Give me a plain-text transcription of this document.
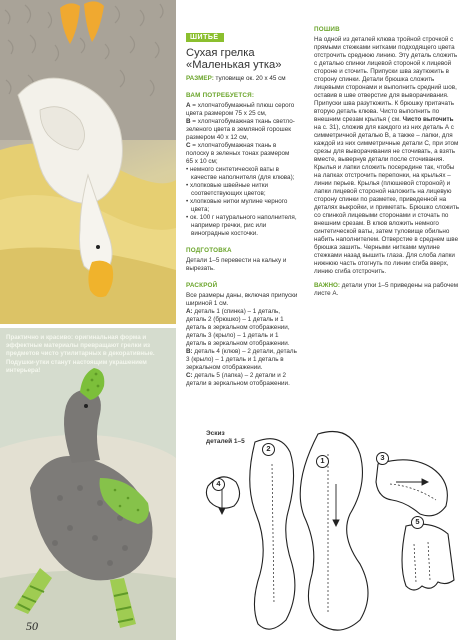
Практично и красиво: оригинальная форма и эффектные материалы превращают грелки из предметов чисто утилитарных в декоративные. Подушки-утки станут настоящим украшением интерьера!
50
ШИТЬЁ
Сухая грелка
«Маленькая утка»
РАЗМЕР: туловище ок. 20 х 45 см
ВАМ ПОТРЕБУЕТСЯ:
A = хлопчатобумажный плюш серого цвета размером 75 х 25 см,
B = хлопчатобумажная ткань светло-зеленого цвета в земляной горошек размером 40 х 12 см,
C = хлопчатобумажная ткань в полоску в зеленых тонах размером 65 х 10 см;
• немного синтетической ваты в качестве наполнителя (для клюва);
• хлопковые швейные нитки соответствующих цветов;
• хлопковые нитки мулине черного цвета;
• ок. 100 г натурального наполнителя, например гречки, рис или виноградные косточки.
ПОДГОТОВКА
Детали 1–5 перевести на кальку и вырезать.
РАСКРОЙ
Все размеры даны, включая припуски шириной 1 см.
A: деталь 1 (спинка) – 1 деталь, деталь 2 (брюшко) – 1 деталь и 1 деталь в зеркальном отображении, деталь 3 (крыло) – 1 деталь и 1 деталь в зеркальном отображении.
B: деталь 4 (клюв) – 2 детали, деталь 3 (крыло) – 1 деталь и 1 деталь в зеркальном отображении.
C: деталь 5 (лапка) – 2 детали и 2 детали в зеркальном отображении.
ПОШИВ
На одной из деталей клюва тройной строчкой с прямыми стежками нитками подходящего цвета отстрочить среднюю линию. Эту деталь сложить с деталью спинки лицевой стороной к лицевой стороне и сточить. Припуски шва заутюжить в сторону спинки. Детали брюшка сложить лицевыми сторонами и выполнить средний шов, оставив в шве отверстие для выворачивания. Припуски шва разутюжить. К брюшку притачать вторую деталь клюва. Чисто выполнить по внешним срезам крылья ( см. Чисто выточить на с. 31), сложив для каждого из них деталь А с симметричной деталью B, а также – лапки, для каждой из них симметричные детали С, при этом срезы для выворачивания не сточивать, а взять вместе, вывернув детали после сточивания. Крылья и лапки сложить посередине так, чтобы на лапках отстрочить перепонки, на крыльях – линии перьев. Крылья (плюшевой стороной) и лапки лицевой стороной наложить на лицевую сторону спинки по разметке, приведенной на деталях выкройки, и приметать. Брюшко сложить со спинкой лицевыми сторонами и сточать по внешним срезам. В клюв вложить немного синтетической ваты, затем туловище обильно набить наполнителем. Отверстие в среднем шве брюшка зашить. Черными нитками мулине стежками назад вышить глаза. Для слоба лапки нижнюю часть отогнуть по линии сгиба вверх, линию сгиба отстрочить.
ВАЖНО: детали утки 1–5 приведены на рабочем листе А.
Эскиз
деталей 1–5
2
1	3
4
5
